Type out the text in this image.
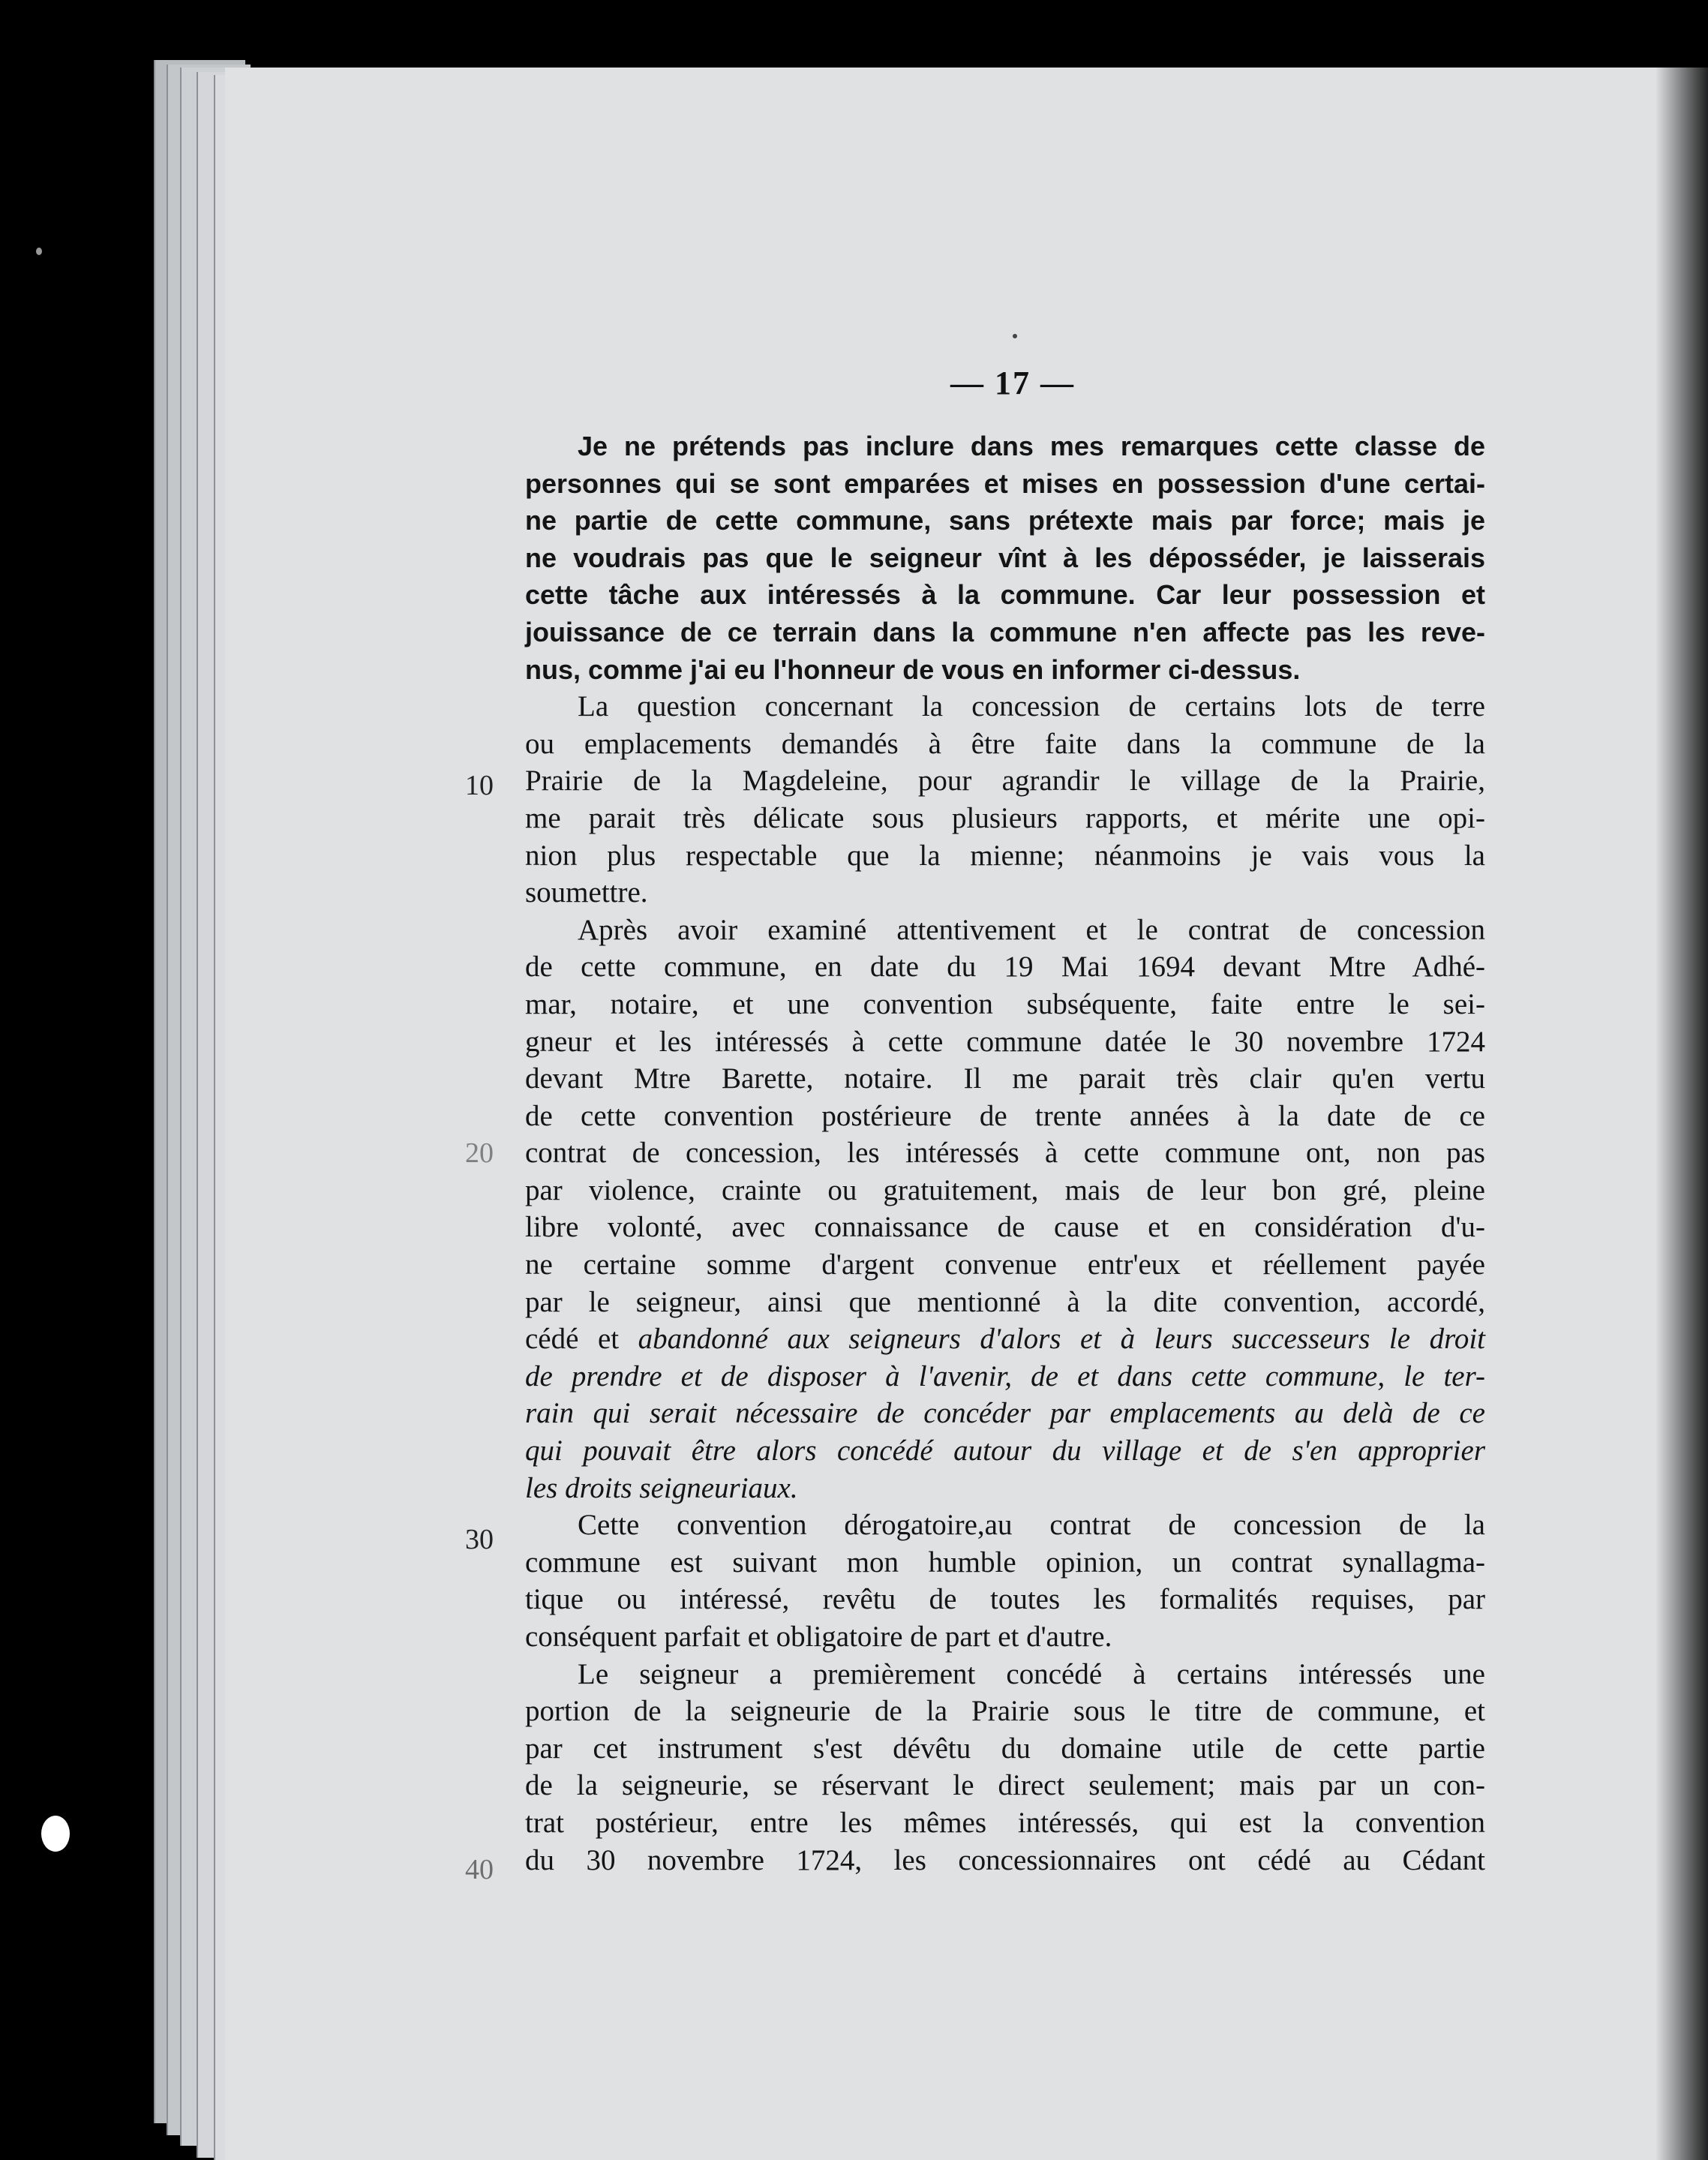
— 17 —
10
20
30
40
Je ne prétends pas inclure dans mes remarques cette classe de
personnes qui se sont emparées et mises en possession d'une certai-
ne partie de cette commune, sans prétexte mais par force; mais je
ne voudrais pas que le seigneur vînt à les déposséder, je laisserais
cette tâche aux intéressés à la commune. Car leur possession et
jouissance de ce terrain dans la commune n'en affecte pas les reve-
nus, comme j'ai eu l'honneur de vous en informer ci-dessus.
La question concernant la concession de certains lots de terre
ou emplacements demandés à être faite dans la commune de la
Prairie de la Magdeleine, pour agrandir le village de la Prairie,
me parait très délicate sous plusieurs rapports, et mérite une opi-
nion plus respectable que la mienne; néanmoins je vais vous la
soumettre.
Après avoir examiné attentivement et le contrat de concession
de cette commune, en date du 19 Mai 1694 devant Mtre Adhé-
mar, notaire, et une convention subséquente, faite entre le sei-
gneur et les intéressés à cette commune datée le 30 novembre 1724
devant Mtre Barette, notaire. Il me parait très clair qu'en vertu
de cette convention postérieure de trente années à la date de ce
contrat de concession, les intéressés à cette commune ont, non pas
par violence, crainte ou gratuitement, mais de leur bon gré, pleine
libre volonté, avec connaissance de cause et en considération d'u-
ne certaine somme d'argent convenue entr'eux et réellement payée
par le seigneur, ainsi que mentionné à la dite convention, accordé,
cédé et abandonné aux seigneurs d'alors et à leurs successeurs le droit
de prendre et de disposer à l'avenir, de et dans cette commune, le ter-
rain qui serait nécessaire de concéder par emplacements au delà de ce
qui pouvait être alors concédé autour du village et de s'en approprier
les droits seigneuriaux.
Cette convention dérogatoire,au contrat de concession de la
commune est suivant mon humble opinion, un contrat synallagma-
tique ou intéressé, revêtu de toutes les formalités requises, par
conséquent parfait et obligatoire de part et d'autre.
Le seigneur a premièrement concédé à certains intéressés une
portion de la seigneurie de la Prairie sous le titre de commune, et
par cet instrument s'est dévêtu du domaine utile de cette partie
de la seigneurie, se réservant le direct seulement; mais par un con-
trat postérieur, entre les mêmes intéressés, qui est la convention
du 30 novembre 1724, les concessionnaires ont cédé au Cédant
